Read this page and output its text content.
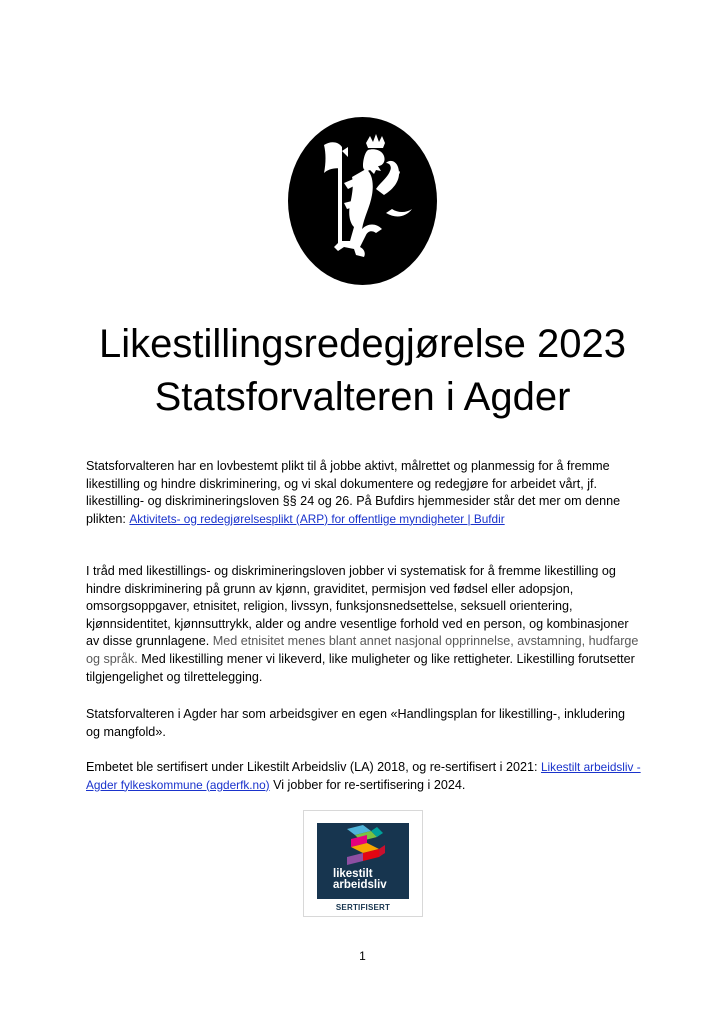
Likestillingsredegjørelse 2023
Statsforvalteren i Agder

Statsforvalteren har en lovbestemt plikt til å jobbe aktivt, målrettet og planmessig for å fremme likestilling og hindre diskriminering, og vi skal dokumentere og redegjøre for arbeidet vårt, jf. likestilling- og diskrimineringsloven §§ 24 og 26. På Bufdirs hjemmesider står det mer om denne plikten: Aktivitets- og redegjørelsesplikt (ARP) for offentlige myndigheter | Bufdir

I tråd med likestillings- og diskrimineringsloven jobber vi systematisk for å fremme likestilling og hindre diskriminering på grunn av kjønn, graviditet, permisjon ved fødsel eller adopsjon, omsorgsoppgaver, etnisitet, religion, livssyn, funksjonsnedsettelse, seksuell orientering, kjønnsidentitet, kjønnsuttrykk, alder og andre vesentlige forhold ved en person, og kombinasjoner av disse grunnlagene. Med etnisitet menes blant annet nasjonal opprinnelse, avstamning, hudfarge og språk. Med likestilling mener vi likeverd, like muligheter og like rettigheter. Likestilling forutsetter tilgjengelighet og tilrettelegging.

Statsforvalteren i Agder har som arbeidsgiver en egen «Handlingsplan for likestilling-, inkludering og mangfold».

Embetet ble sertifisert under Likestilt Arbeidsliv (LA) 2018, og re-sertifisert i 2021: Likestilt arbeidsliv - Agder fylkeskommune (agderfk.no) Vi jobber for re-sertifisering i 2024.

likestilt
arbeidsliv
SERTIFISERT
1
